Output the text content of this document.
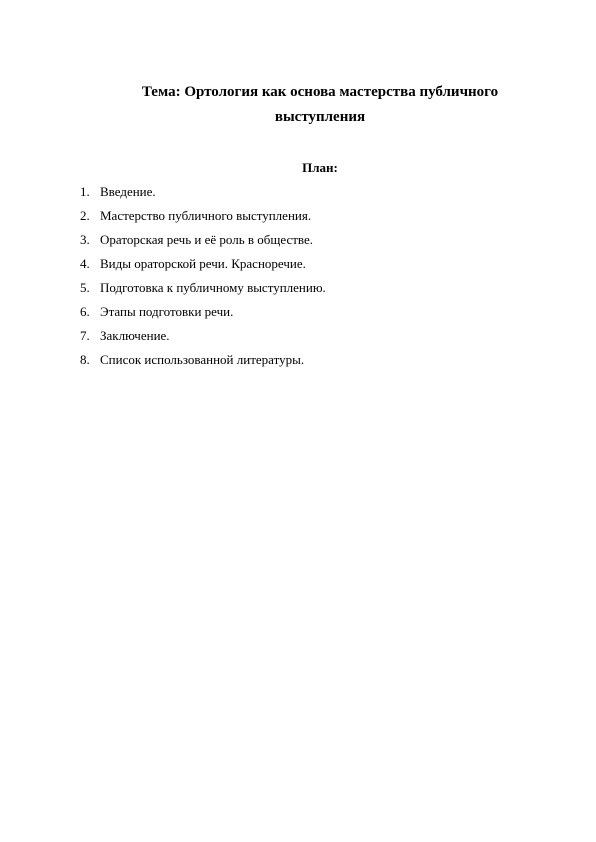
Тема: Ортология как основа мастерства публичного
выступления
План:
1. Введение.
2. Мастерство публичного выступления.
3. Ораторская речь и её роль в обществе.
4. Виды ораторской речи. Красноречие.
5. Подготовка к публичному выступлению.
6. Этапы подготовки речи.
7. Заключение.
8. Список использованной литературы.
